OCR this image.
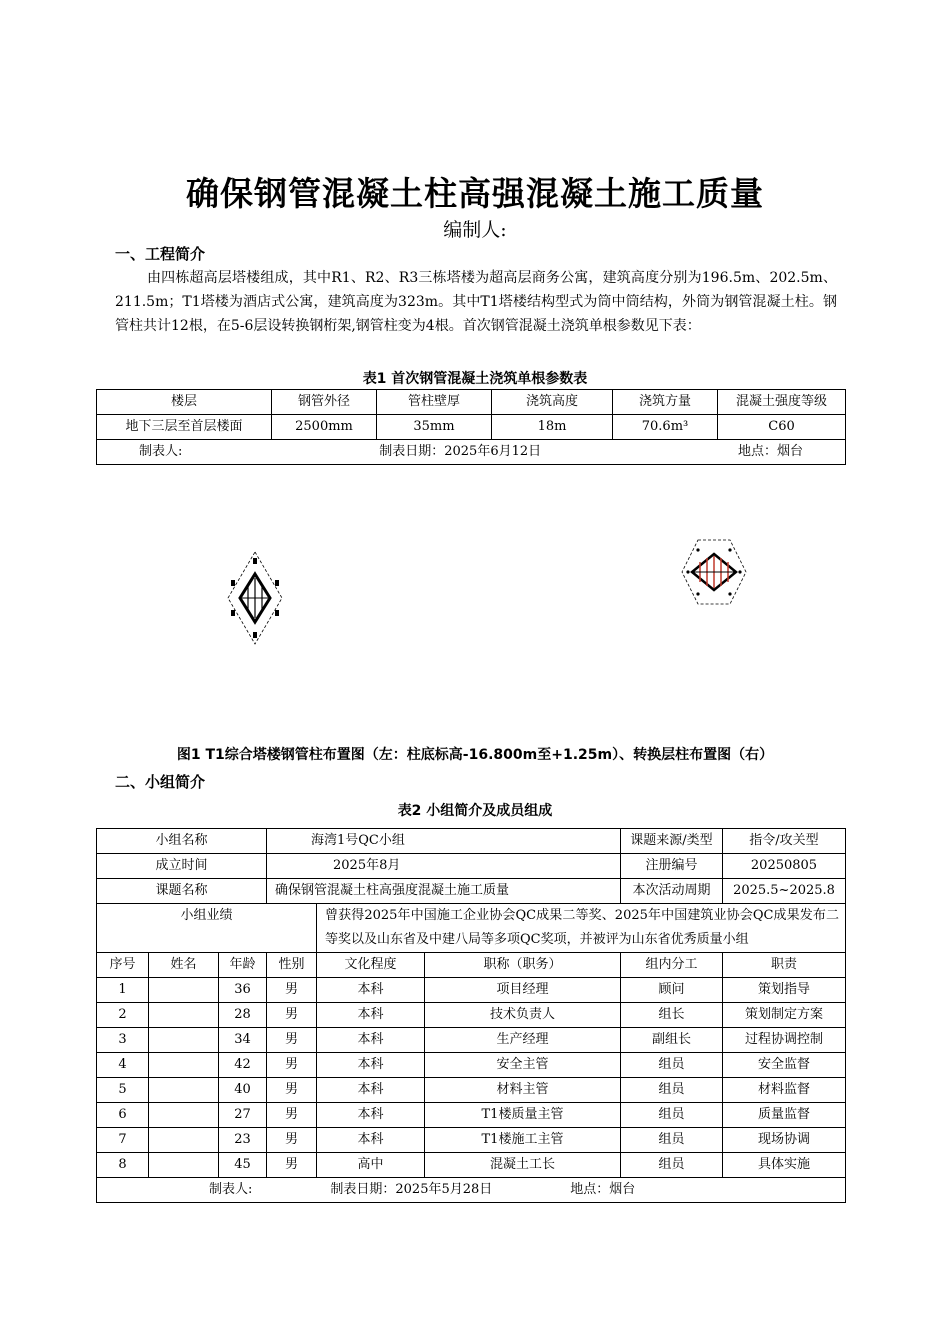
确保钢管混凝土柱高强混凝土施工质量
编制人:
一、工程简介
由四栋超高层塔楼组成，其中R1、R2、R3三栋塔楼为超高层商务公寓，建筑高度分别为196.5m、202.5m、211.5m；T1塔楼为酒店式公寓，建筑高度为323m。其中T1塔楼结构型式为筒中筒结构，外筒为钢管混凝土柱。钢管柱共计12根，在5-6层设转换钢桁架,钢管柱变为4根。首次钢管混凝土浇筑单根参数见下表：
表1 首次钢管混凝土浇筑单根参数表
楼层	钢管外径	管柱壁厚	浇筑高度	浇筑方量	混凝土强度等级
地下三层至首层楼面	2500mm	35mm	18m	70.6m³	C60

制表人: 制表日期：2025年6月12日 地点：烟台					
图1 T1综合塔楼钢管柱布置图（左：柱底标高-16.800m至+1.25m）、转换层柱布置图（右）
二、小组简介
表2 小组简介及成员组成
小组名称			海湾1号QC小组			课题来源/类型	指令/攻关型
成立时间			2025年8月			注册编号	20250805
课题名称			确保钢管混凝土柱高强度混凝土施工质量			本次活动周期	2025.5~2025.8
小组业绩				曾获得2025年中国施工企业协会QC成果二等奖、2025年中国建筑业协会QC成果发布二等奖以及山东省及中建八局等多项QC奖项，并被评为山东省优秀质量小组			
序号	姓名	年龄	性别	文化程度	职称（职务）	组内分工	职责
1		36	男	本科	项目经理	顾问	策划指导
2		28	男	本科	技术负责人	组长	策划制定方案
3		34	男	本科	生产经理	副组长	过程协调控制
4		42	男	本科	安全主管	组员	安全监督
5		40	男	本科	材料主管	组员	材料监督
6		27	男	本科	T1楼质量主管	组员	质量监督
7		23	男	本科	T1楼施工主管	组员	现场协调
8		45	男	高中	混凝土工长	组员	具体实施

制表人: 制表日期：2025年5月28日 地点：烟台							
